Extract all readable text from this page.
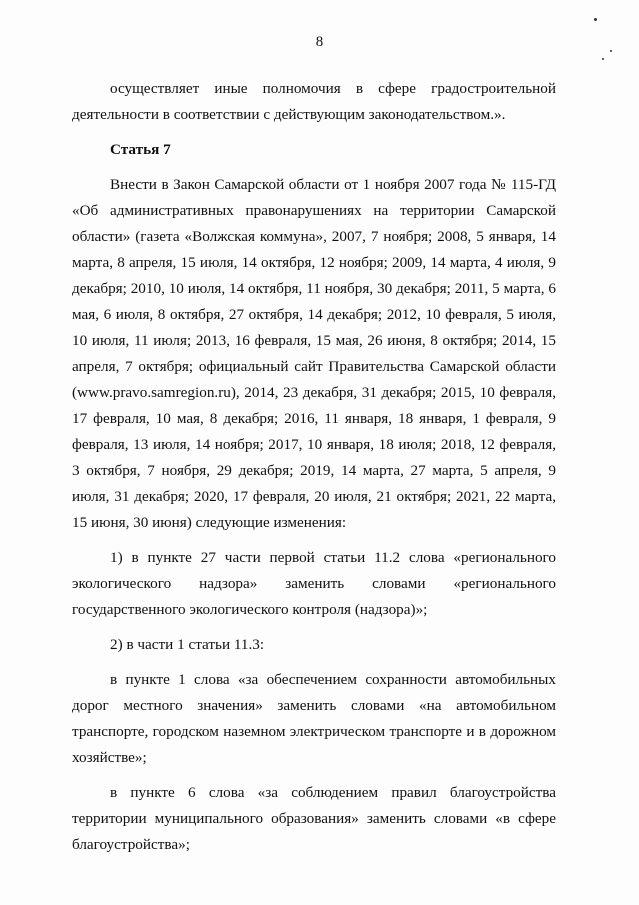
8

осуществляет иные полномочия в сфере градостроительной деятельности в соответствии с действующим законодательством.».

Статья 7

Внести в Закон Самарской области от 1 ноября 2007 года № 115-ГД «Об административных правонарушениях на территории Самарской области» (газета «Волжская коммуна», 2007, 7 ноября; 2008, 5 января, 14 марта, 8 апреля, 15 июля, 14 октября, 12 ноября; 2009, 14 марта, 4 июля, 9 декабря; 2010, 10 июля, 14 октября, 11 ноября, 30 декабря; 2011, 5 марта, 6 мая, 6 июля, 8 октября, 27 октября, 14 декабря; 2012, 10 февраля, 5 июля, 10 июля, 11 июля; 2013, 16 февраля, 15 мая, 26 июня, 8 октября; 2014, 15 апреля, 7 октября; официальный сайт Правительства Самарской области (www.pravo.samregion.ru), 2014, 23 декабря, 31 декабря; 2015, 10 февраля, 17 февраля, 10 мая, 8 декабря; 2016, 11 января, 18 января, 1 февраля, 9 февраля, 13 июля, 14 ноября; 2017, 10 января, 18 июля; 2018, 12 февраля, 3 октября, 7 ноября, 29 декабря; 2019, 14 марта, 27 марта, 5 апреля, 9 июля, 31 декабря; 2020, 17 февраля, 20 июля, 21 октября; 2021, 22 марта, 15 июня, 30 июня) следующие изменения:

1) в пункте 27 части первой статьи 11.2 слова «регионального экологического надзора» заменить словами «регионального государственного экологического контроля (надзора)»;

2) в части 1 статьи 11.3:

в пункте 1 слова «за обеспечением сохранности автомобильных дорог местного значения» заменить словами «на автомобильном транспорте, городском наземном электрическом транспорте и в дорожном хозяйстве»;

в пункте 6 слова «за соблюдением правил благоустройства территории муниципального образования» заменить словами «в сфере благоустройства»;
